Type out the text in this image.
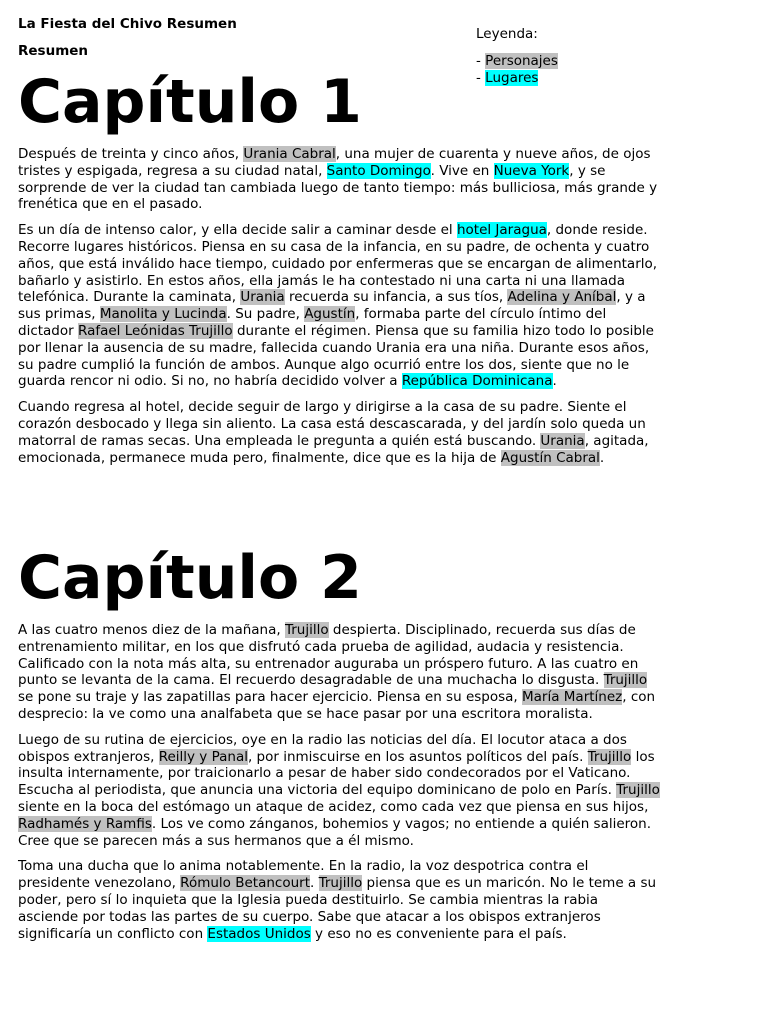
La Fiesta del Chivo Resumen
Resumen

Leyenda:

- Personajes

- Lugares

Capítulo 1

Después de treinta y cinco años, Urania Cabral, una mujer de cuarenta y nueve años, de ojos tristes y espigada, regresa a su ciudad natal, Santo Domingo. Vive en Nueva York, y se sorprende de ver la ciudad tan cambiada luego de tanto tiempo: más bulliciosa, más grande y frenética que en el pasado.

Es un día de intenso calor, y ella decide salir a caminar desde el hotel Jaragua, donde reside. Recorre lugares históricos. Piensa en su casa de la infancia, en su padre, de ochenta y cuatro años, que está inválido hace tiempo, cuidado por enfermeras que se encargan de alimentarlo, bañarlo y asistirlo. En estos años, ella jamás le ha contestado ni una carta ni una llamada telefónica. Durante la caminata, Urania recuerda su infancia, a sus tíos, Adelina y Aníbal, y a sus primas, Manolita y Lucinda. Su padre, Agustín, formaba parte del círculo íntimo del dictador Rafael Leónidas Trujillo durante el régimen. Piensa que su familia hizo todo lo posible por llenar la ausencia de su madre, fallecida cuando Urania era una niña. Durante esos años, su padre cumplió la función de ambos. Aunque algo ocurrió entre los dos, siente que no le guarda rencor ni odio. Si no, no habría decidido volver a República Dominicana.

Cuando regresa al hotel, decide seguir de largo y dirigirse a la casa de su padre. Siente el corazón desbocado y llega sin aliento. La casa está descascarada, y del jardín solo queda un matorral de ramas secas. Una empleada le pregunta a quién está buscando. Urania, agitada, emocionada, permanece muda pero, finalmente, dice que es la hija de Agustín Cabral.

Capítulo 2

A las cuatro menos diez de la mañana, Trujillo despierta. Disciplinado, recuerda sus días de entrenamiento militar, en los que disfrutó cada prueba de agilidad, audacia y resistencia. Calificado con la nota más alta, su entrenador auguraba un próspero futuro. A las cuatro en punto se levanta de la cama. El recuerdo desagradable de una muchacha lo disgusta. Trujillo se pone su traje y las zapatillas para hacer ejercicio. Piensa en su esposa, María Martínez, con desprecio: la ve como una analfabeta que se hace pasar por una escritora moralista.

Luego de su rutina de ejercicios, oye en la radio las noticias del día. El locutor ataca a dos obispos extranjeros, Reilly y Panal, por inmiscuirse en los asuntos políticos del país. Trujillo los insulta internamente, por traicionarlo a pesar de haber sido condecorados por el Vaticano. Escucha al periodista, que anuncia una victoria del equipo dominicano de polo en París. Trujillo siente en la boca del estómago un ataque de acidez, como cada vez que piensa en sus hijos, Radhamés y Ramfis. Los ve como zánganos, bohemios y vagos; no entiende a quién salieron. Cree que se parecen más a sus hermanos que a él mismo.

Toma una ducha que lo anima notablemente. En la radio, la voz despotrica contra el presidente venezolano, Rómulo Betancourt. Trujillo piensa que es un maricón. No le teme a su poder, pero sí lo inquieta que la Iglesia pueda destituirlo. Se cambia mientras la rabia asciende por todas las partes de su cuerpo. Sabe que atacar a los obispos extranjeros significaría un conflicto con Estados Unidos y eso no es conveniente para el país.
